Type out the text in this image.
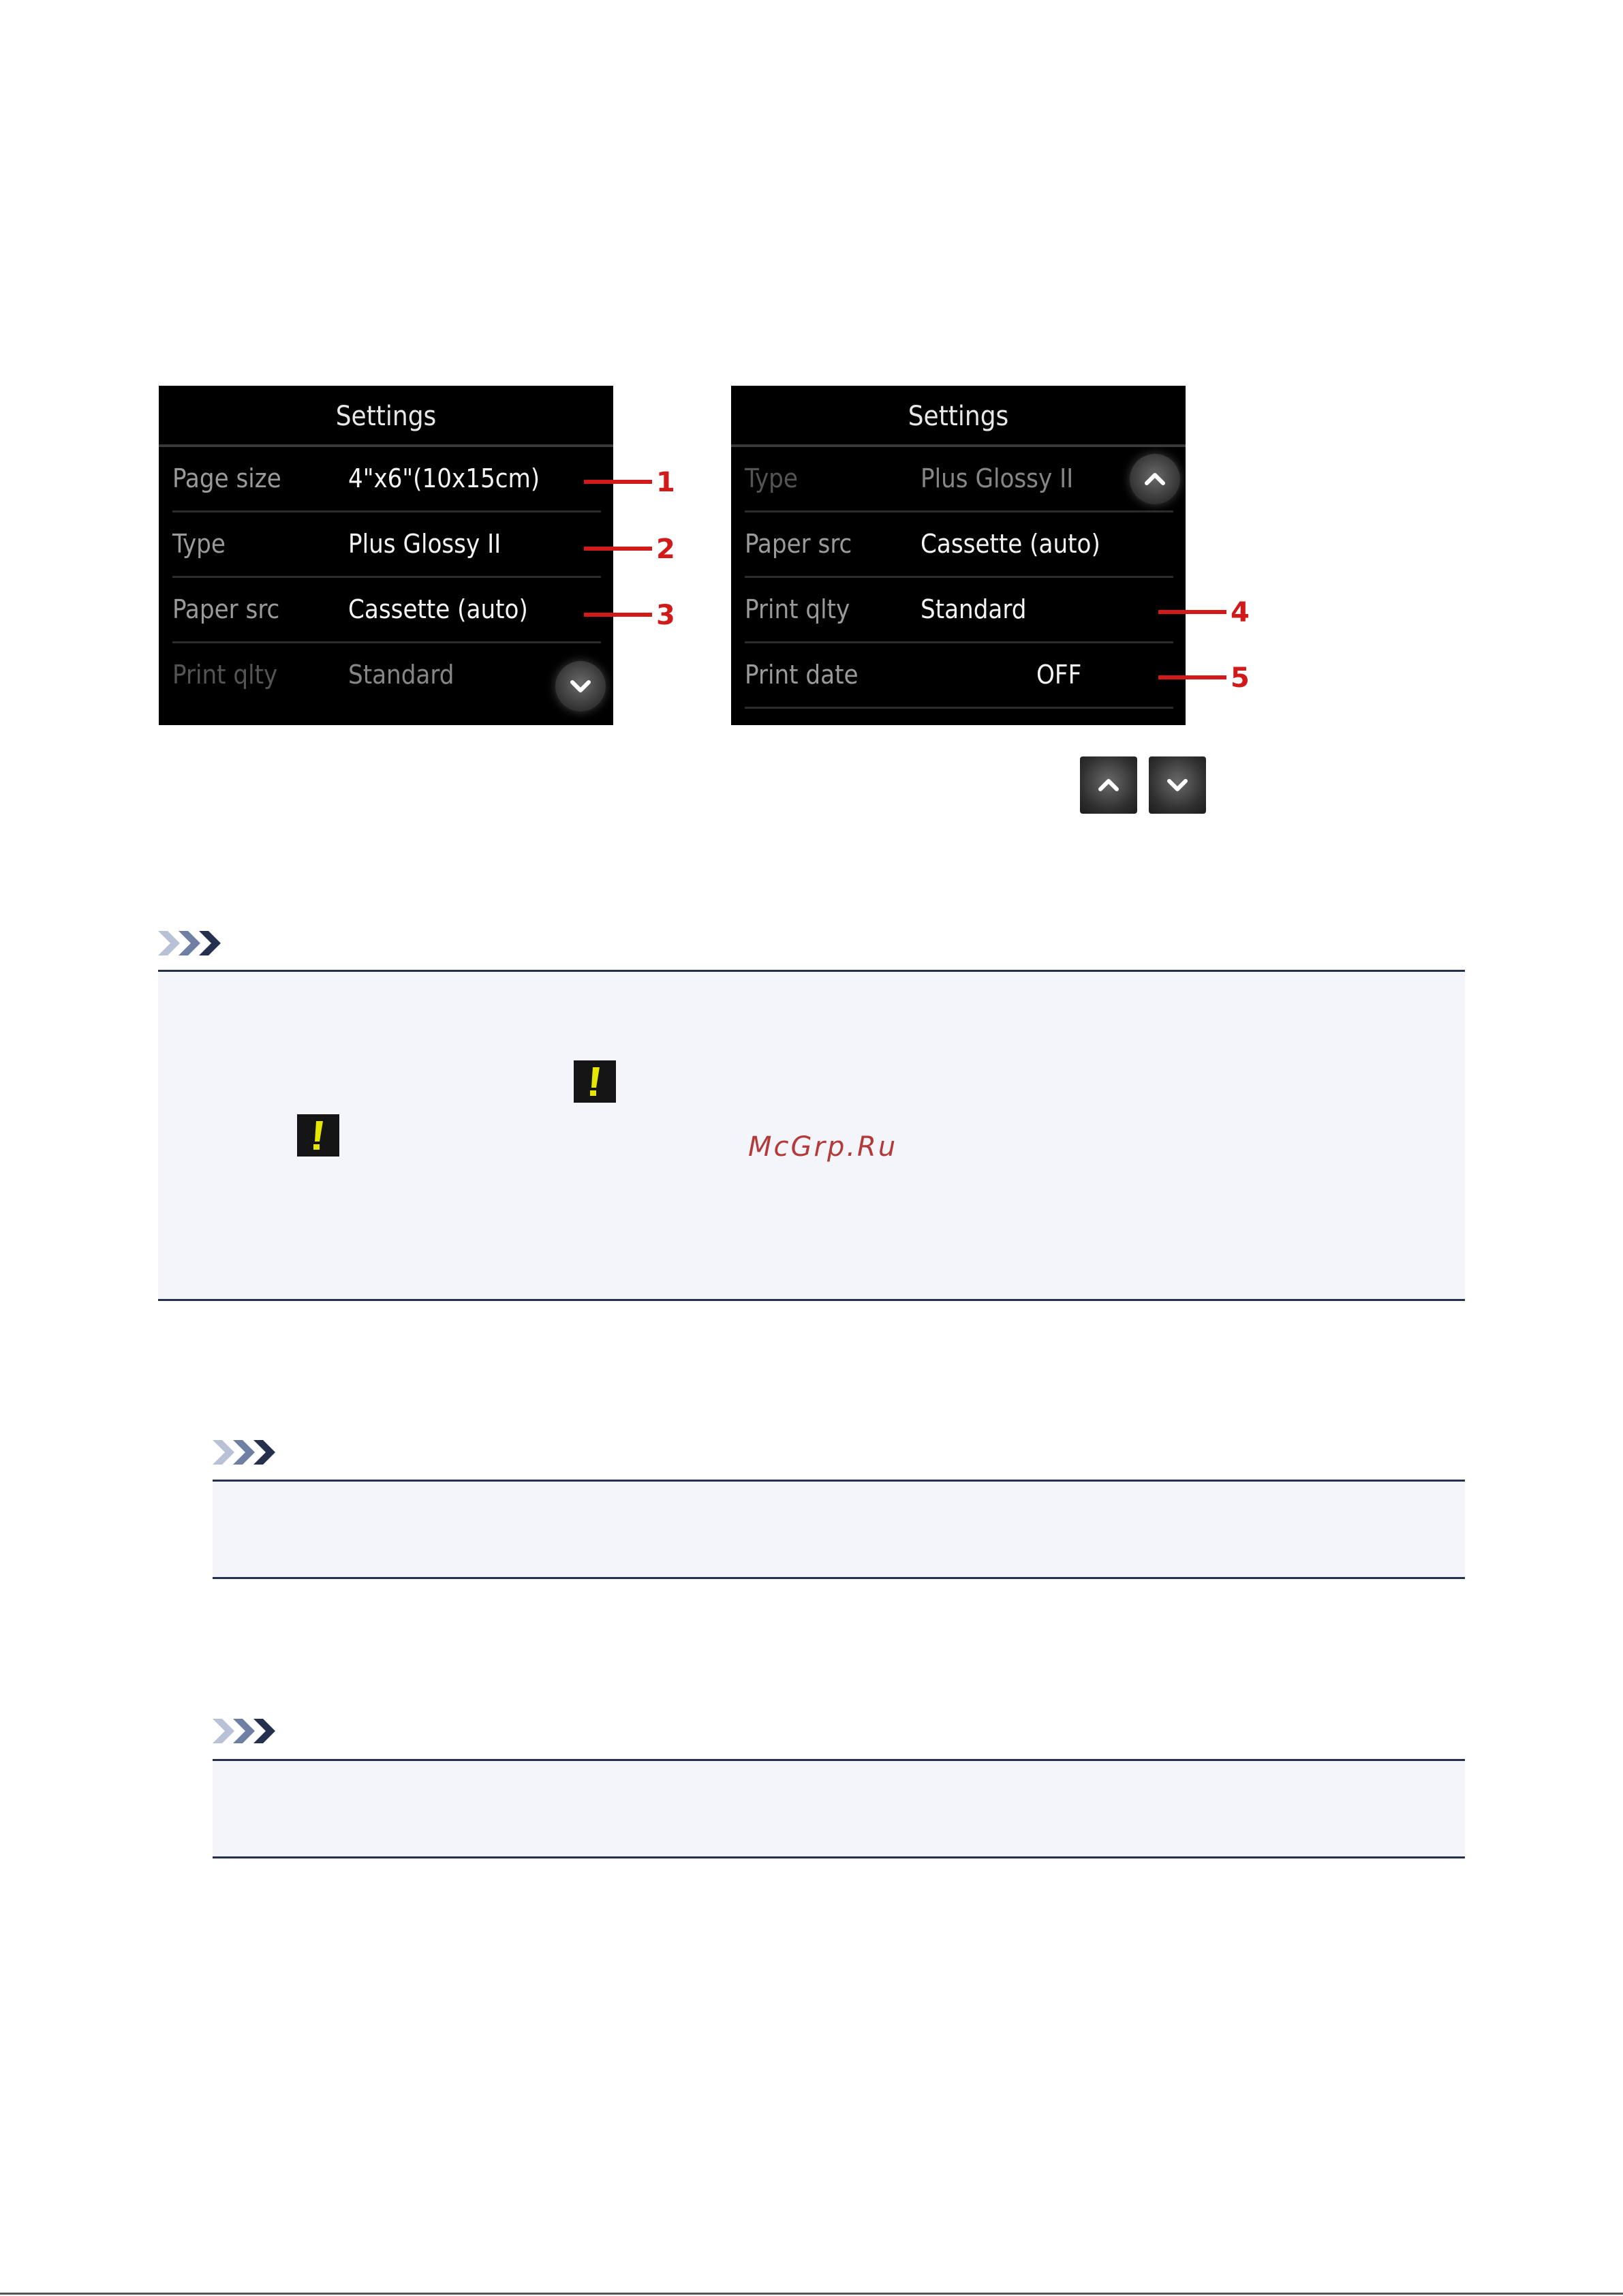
Settings
Page size	4"x6"(10x15cm)
Type	Plus Glossy II
Paper src	Cassette (auto)
Print qlty	Standard
Settings
Type	Plus Glossy II
Paper src	Cassette (auto)
Print qlty	Standard
Print date	OFF
1
2
3	4
5
McGrp.Ru
